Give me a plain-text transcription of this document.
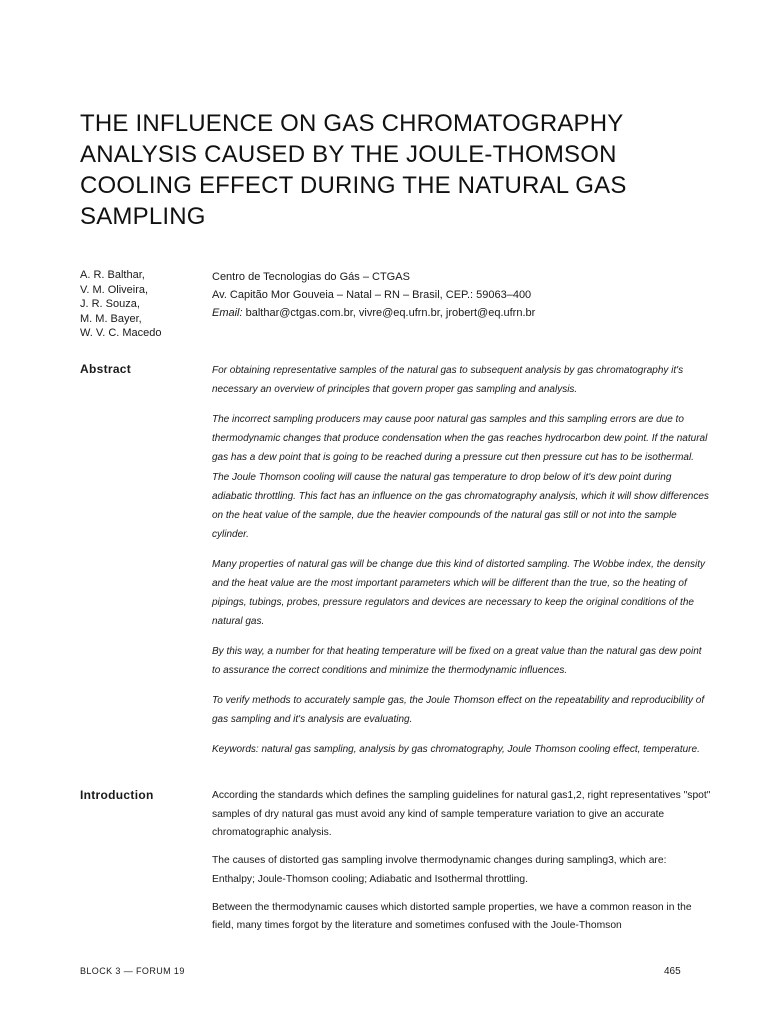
THE INFLUENCE ON GAS CHROMATOGRAPHY
ANALYSIS CAUSED BY THE JOULE-THOMSON
COOLING EFFECT DURING THE NATURAL GAS
SAMPLING
A. R. Balthar,
V. M. Oliveira,
J. R. Souza,
M. M. Bayer,
W. V. C. Macedo
Centro de Tecnologias do Gás – CTGAS
Av. Capitão Mor Gouveia – Natal – RN – Brasil, CEP.: 59063–400
Email: balthar@ctgas.com.br, vivre@eq.ufrn.br, jrobert@eq.ufrn.br
Abstract	For obtaining representative samples of the natural gas to subsequent analysis by gas chromatography it's necessary an overview of principles that govern proper gas sampling and analysis.

The incorrect sampling producers may cause poor natural gas samples and this sampling errors are due to thermodynamic changes that produce condensation when the gas reaches hydrocarbon dew point. If the natural gas has a dew point that is going to be reached during a pressure cut then pressure cut has to be isothermal. The Joule Thomson cooling will cause the natural gas temperature to drop below of it's dew point during adiabatic throttling. This fact has an influence on the gas chromatography analysis, which it will show differences on the heat value of the sample, due the heavier compounds of the natural gas still or not into the sample cylinder.

Many properties of natural gas will be change due this kind of distorted sampling. The Wobbe index, the density and the heat value are the most important parameters which will be different than the true, so the heating of pipings, tubings, probes, pressure regulators and devices are necessary to keep the original conditions of the natural gas.

By this way, a number for that heating temperature will be fixed on a great value than the natural gas dew point to assurance the correct conditions and minimize the thermodynamic influences.

To verify methods to accurately sample gas, the Joule Thomson effect on the repeatability and reproducibility of gas sampling and it's analysis are evaluating.

Keywords: natural gas sampling, analysis by gas chromatography, Joule Thomson cooling effect, temperature.

Introduction	According the standards which defines the sampling guidelines for natural gas1,2, right representatives "spot" samples of dry natural gas must avoid any kind of sample temperature variation to give an accurate chromatographic analysis.

The causes of distorted gas sampling involve thermodynamic changes during sampling3, which are: Enthalpy; Joule-Thomson cooling; Adiabatic and Isothermal throttling.

Between the thermodynamic causes which distorted sample properties, we have a common reason in the field, many times forgot by the literature and sometimes confused with the Joule-Thomson

BLOCK 3 — FORUM 19	465
